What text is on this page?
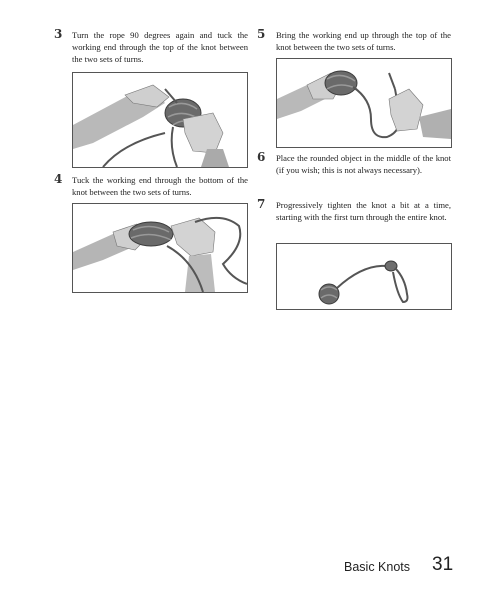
3 Turn the rope 90 degrees again and tuck the working end through the top of the knot between the two sets of turns.
4 Tuck the working end through the bottom of the knot between the two sets of turns.
5 Bring the working end up through the top of the knot between the two sets of turns.
6 Place the rounded object in the middle of the knot (if you wish; this is not always necessary).
7 Progressively tighten the knot a bit at a time, starting with the first turn through the entire knot.
Basic Knots 31
